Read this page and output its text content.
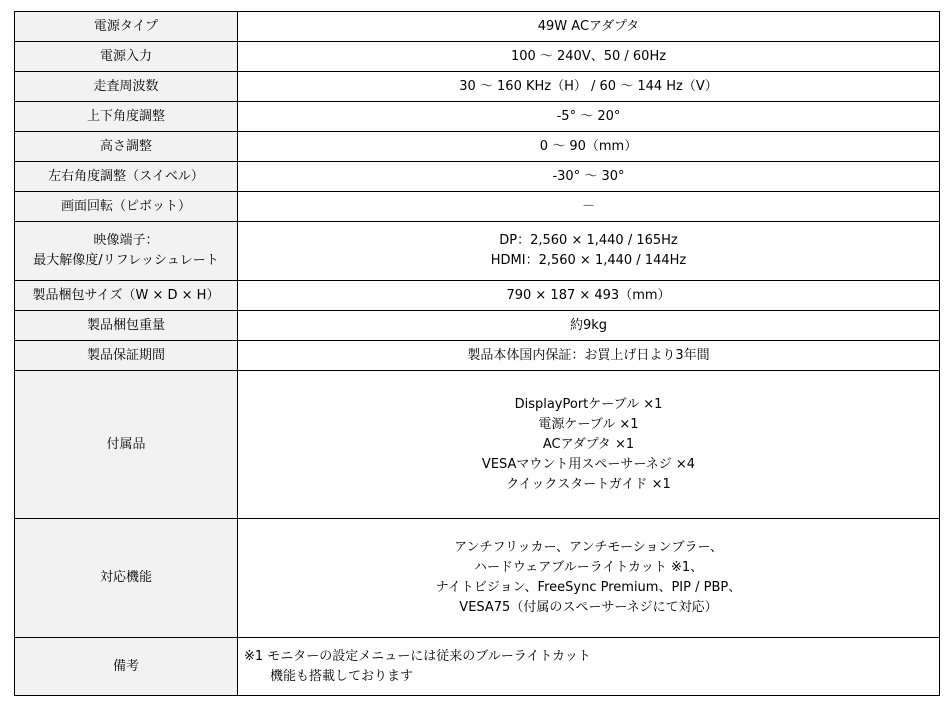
電源タイプ	49W ACアダプタ

電源入力	100 ～ 240V、50 / 60Hz

走査周波数	30 ～ 160 KHz（H） / 60 ～ 144 Hz（V）

上下角度調整	-5° ～ 20°

高さ調整	0 ～ 90（mm）

左右角度調整（スイベル）	-30° ～ 30°

画面回転（ピボット）	－

映像端子：
最大解像度/リフレッシュレート	DP：2,560 × 1,440 / 165Hz
HDMI：2,560 × 1,440 / 144Hz

製品梱包サイズ（W × D × H）	790 × 187 × 493（mm）

製品梱包重量	約9kg

製品保証期間	製品本体国内保証：お買上げ日より3年間

付属品	DisplayPortケーブル ×1
電源ケーブル ×1
ACアダプタ ×1
VESAマウント用スペーサーネジ ×4
クイックスタートガイド ×1

対応機能	アンチフリッカー、アンチモーションブラー、
ハードウェアブルーライトカット ※1、
ナイトビジョン、FreeSync Premium、PIP / PBP、
VESA75（付属のスペーサーネジにて対応）

備考	※1 モニターの設定メニューには従来のブルーライトカット
機能も搭載しております
